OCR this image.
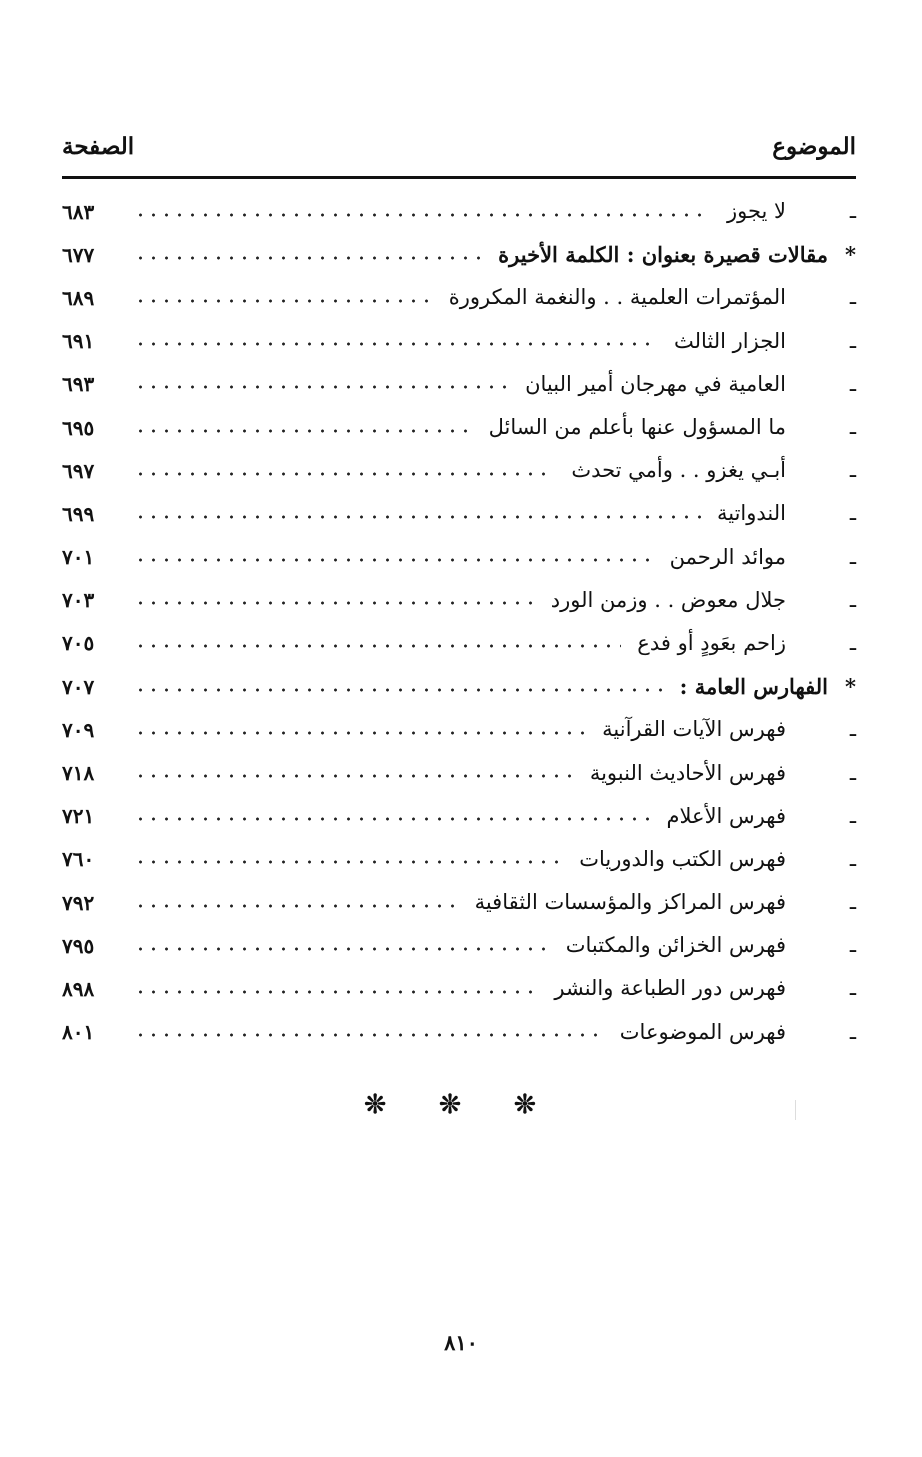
الصفحة	الموضوع
ـ
لا يجوز
٦٨٣
*
مقالات قصيرة بعنوان : الكلمة الأخيرة
٦٧٧
ـ
المؤتمرات العلمية . . والنغمة المكرورة
٦٨٩
ـ
الجزار الثالث
٦٩١
ـ
العامية في مهرجان أمير البيان
٦٩٣
ـ
ما المسؤول عنها بأعلم من السائل
٦٩٥
ـ
أبـي يغزو . . وأمي تحدث
٦٩٧
ـ
الندواتية
٦٩٩
ـ
موائد الرحمن
٧٠١
ـ
جلال معوض . . وزمن الورد
٧٠٣
ـ
زاحم بعَودٍ أو فدع
٧٠٥
*
الفهارس العامة :
٧٠٧
ـ
فهرس الآيات القرآنية
٧٠٩
ـ
فهرس الأحاديث النبوية
٧١٨
ـ
فهرس الأعلام
٧٢١
ـ
فهرس الكتب والدوريات
٧٦٠
ـ
فهرس المراكز والمؤسسات الثقافية
٧٩٢
ـ
فهرس الخزائن والمكتبات
٧٩٥
ـ
فهرس دور الطباعة والنشر
٨٩٨
ـ
فهرس الموضوعات
٨٠١
❊ ❊ ❊
٨١٠
